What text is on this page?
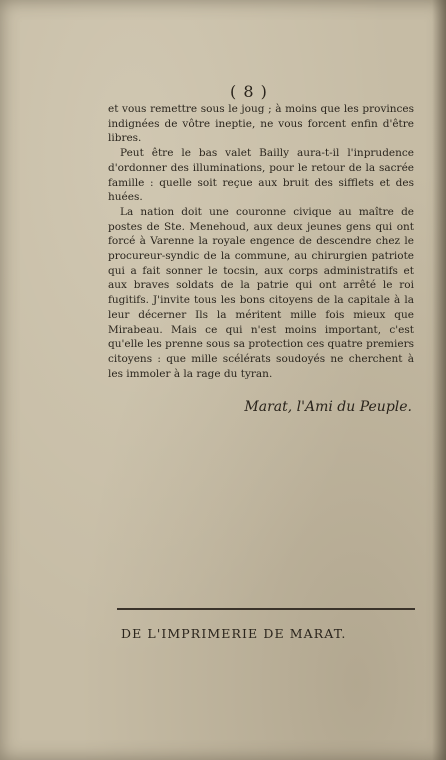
( 8 )

et vous remettre sous le joug ; à moins que les provinces indignées de vôtre ineptie, ne vous forcent enfin d'être libres.

Peut être le bas valet Bailly aura-t-il l'inprudence d'ordonner des illuminations, pour le retour de la sacrée famille : quelle soit reçue aux bruit des sifflets et des huées.

La nation doit une couronne civique au maître de postes de Ste. Menehoud, aux deux jeunes gens qui ont forcé à Varenne la royale engence de descendre chez le procureur-syndic de la commune, au chirurgien patriote qui a fait sonner le tocsin, aux corps administratifs et aux braves soldats de la patrie qui ont arrêté le roi fugitifs. J'invite tous les bons citoyens de la capitale à la leur décerner Ils la méritent mille fois mieux que Mirabeau. Mais ce qui n'est moins important, c'est qu'elle les prenne sous sa protection ces quatre premiers citoyens : que mille scélérats soudoyés ne cherchent à les immoler à la rage du tyran.

Marat, l'Ami du Peuple.
DE L'IMPRIMERIE DE MARAT.
